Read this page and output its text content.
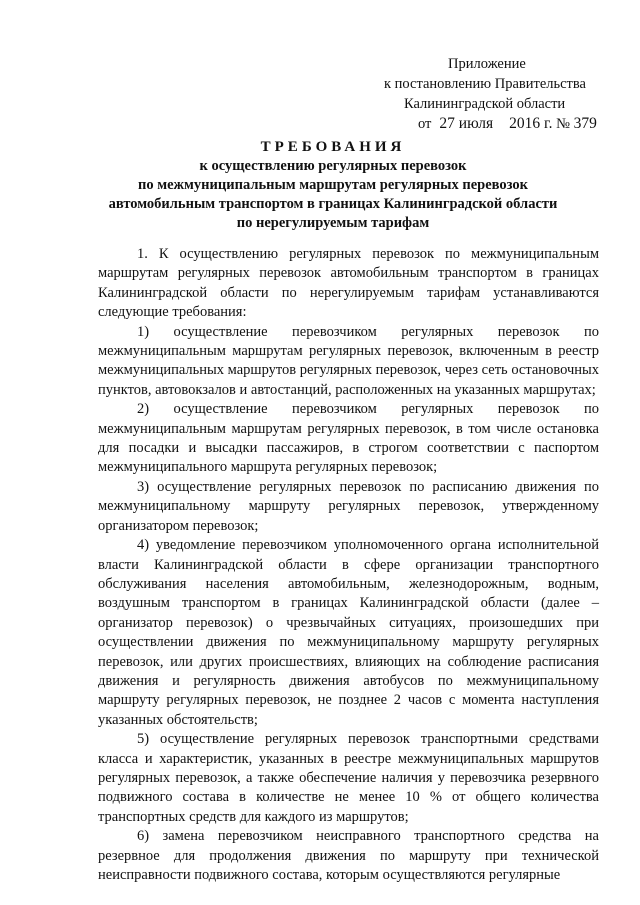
Приложение
к постановлению Правительства
Калининградской области
от 27 июля 2016 г. № 379
ТРЕБОВАНИЯ
к осуществлению регулярных перевозок
по межмуниципальным маршрутам регулярных перевозок
автомобильным транспортом в границах Калининградской области
по нерегулируемым тарифам

1. К осуществлению регулярных перевозок по межмуниципальным маршрутам регулярных перевозок автомобильным транспортом в границах Калининградской области по нерегулируемым тарифам устанавливаются следующие требования:

1) осуществление перевозчиком регулярных перевозок по межмуниципальным маршрутам регулярных перевозок, включенным в реестр межмуниципальных маршрутов регулярных перевозок, через сеть остановочных пунктов, автовокзалов и автостанций, расположенных на указанных маршрутах;

2) осуществление перевозчиком регулярных перевозок по межмуниципальным маршрутам регулярных перевозок, в том числе остановка для посадки и высадки пассажиров, в строгом соответствии с паспортом межмуниципального маршрута регулярных перевозок;

3) осуществление регулярных перевозок по расписанию движения по межмуниципальному маршруту регулярных перевозок, утвержденному организатором перевозок;

4) уведомление перевозчиком уполномоченного органа исполнительной власти Калининградской области в сфере организации транспортного обслуживания населения автомобильным, железнодорожным, водным, воздушным транспортом в границах Калининградской области (далее – организатор перевозок) о чрезвычайных ситуациях, произошедших при осуществлении движения по межмуниципальному маршруту регулярных перевозок, или других происшествиях, влияющих на соблюдение расписания движения и регулярность движения автобусов по межмуниципальному маршруту регулярных перевозок, не позднее 2 часов с момента наступления указанных обстоятельств;

5) осуществление регулярных перевозок транспортными средствами класса и характеристик, указанных в реестре межмуниципальных маршрутов регулярных перевозок, а также обеспечение наличия у перевозчика резервного подвижного состава в количестве не менее 10 % от общего количества транспортных средств для каждого из маршрутов;

6) замена перевозчиком неисправного транспортного средства на резервное для продолжения движения по маршруту при технической неисправности подвижного состава, которым осуществляются регулярные
